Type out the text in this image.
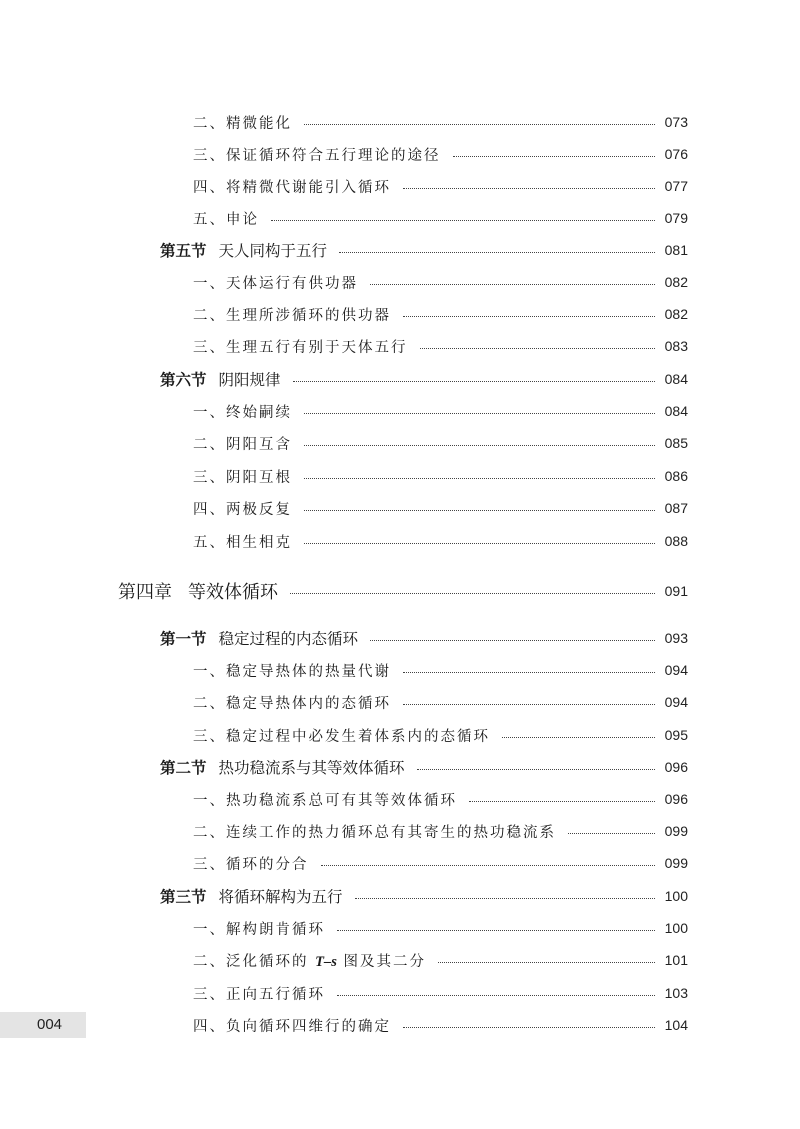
二、精微能化	073
三、保证循环符合五行理论的途径	076
四、将精微代谢能引入循环	077
五、申论	079
第五节 天人同构于五行	081
一、天体运行有供功器	082
二、生理所涉循环的供功器	082
三、生理五行有别于天体五行	083
第六节 阴阳规律	084
一、终始嗣续	084
二、阴阳互含	085
三、阴阳互根	086
四、两极反复	087
五、相生相克	088
第四章 等效体循环	091
第一节 稳定过程的内态循环	093
一、稳定导热体的热量代谢	094
二、稳定导热体内的态循环	094
三、稳定过程中必发生着体系内的态循环	095
第二节 热功稳流系与其等效体循环	096
一、热功稳流系总可有其等效体循环	096
二、连续工作的热力循环总有其寄生的热功稳流系	099
三、循环的分合	099
第三节 将循环解构为五行	100
一、解构朗肯循环	100
二、泛化循环的 T–s 图及其二分	101
三、正向五行循环	103
四、负向循环四维行的确定	104
004
